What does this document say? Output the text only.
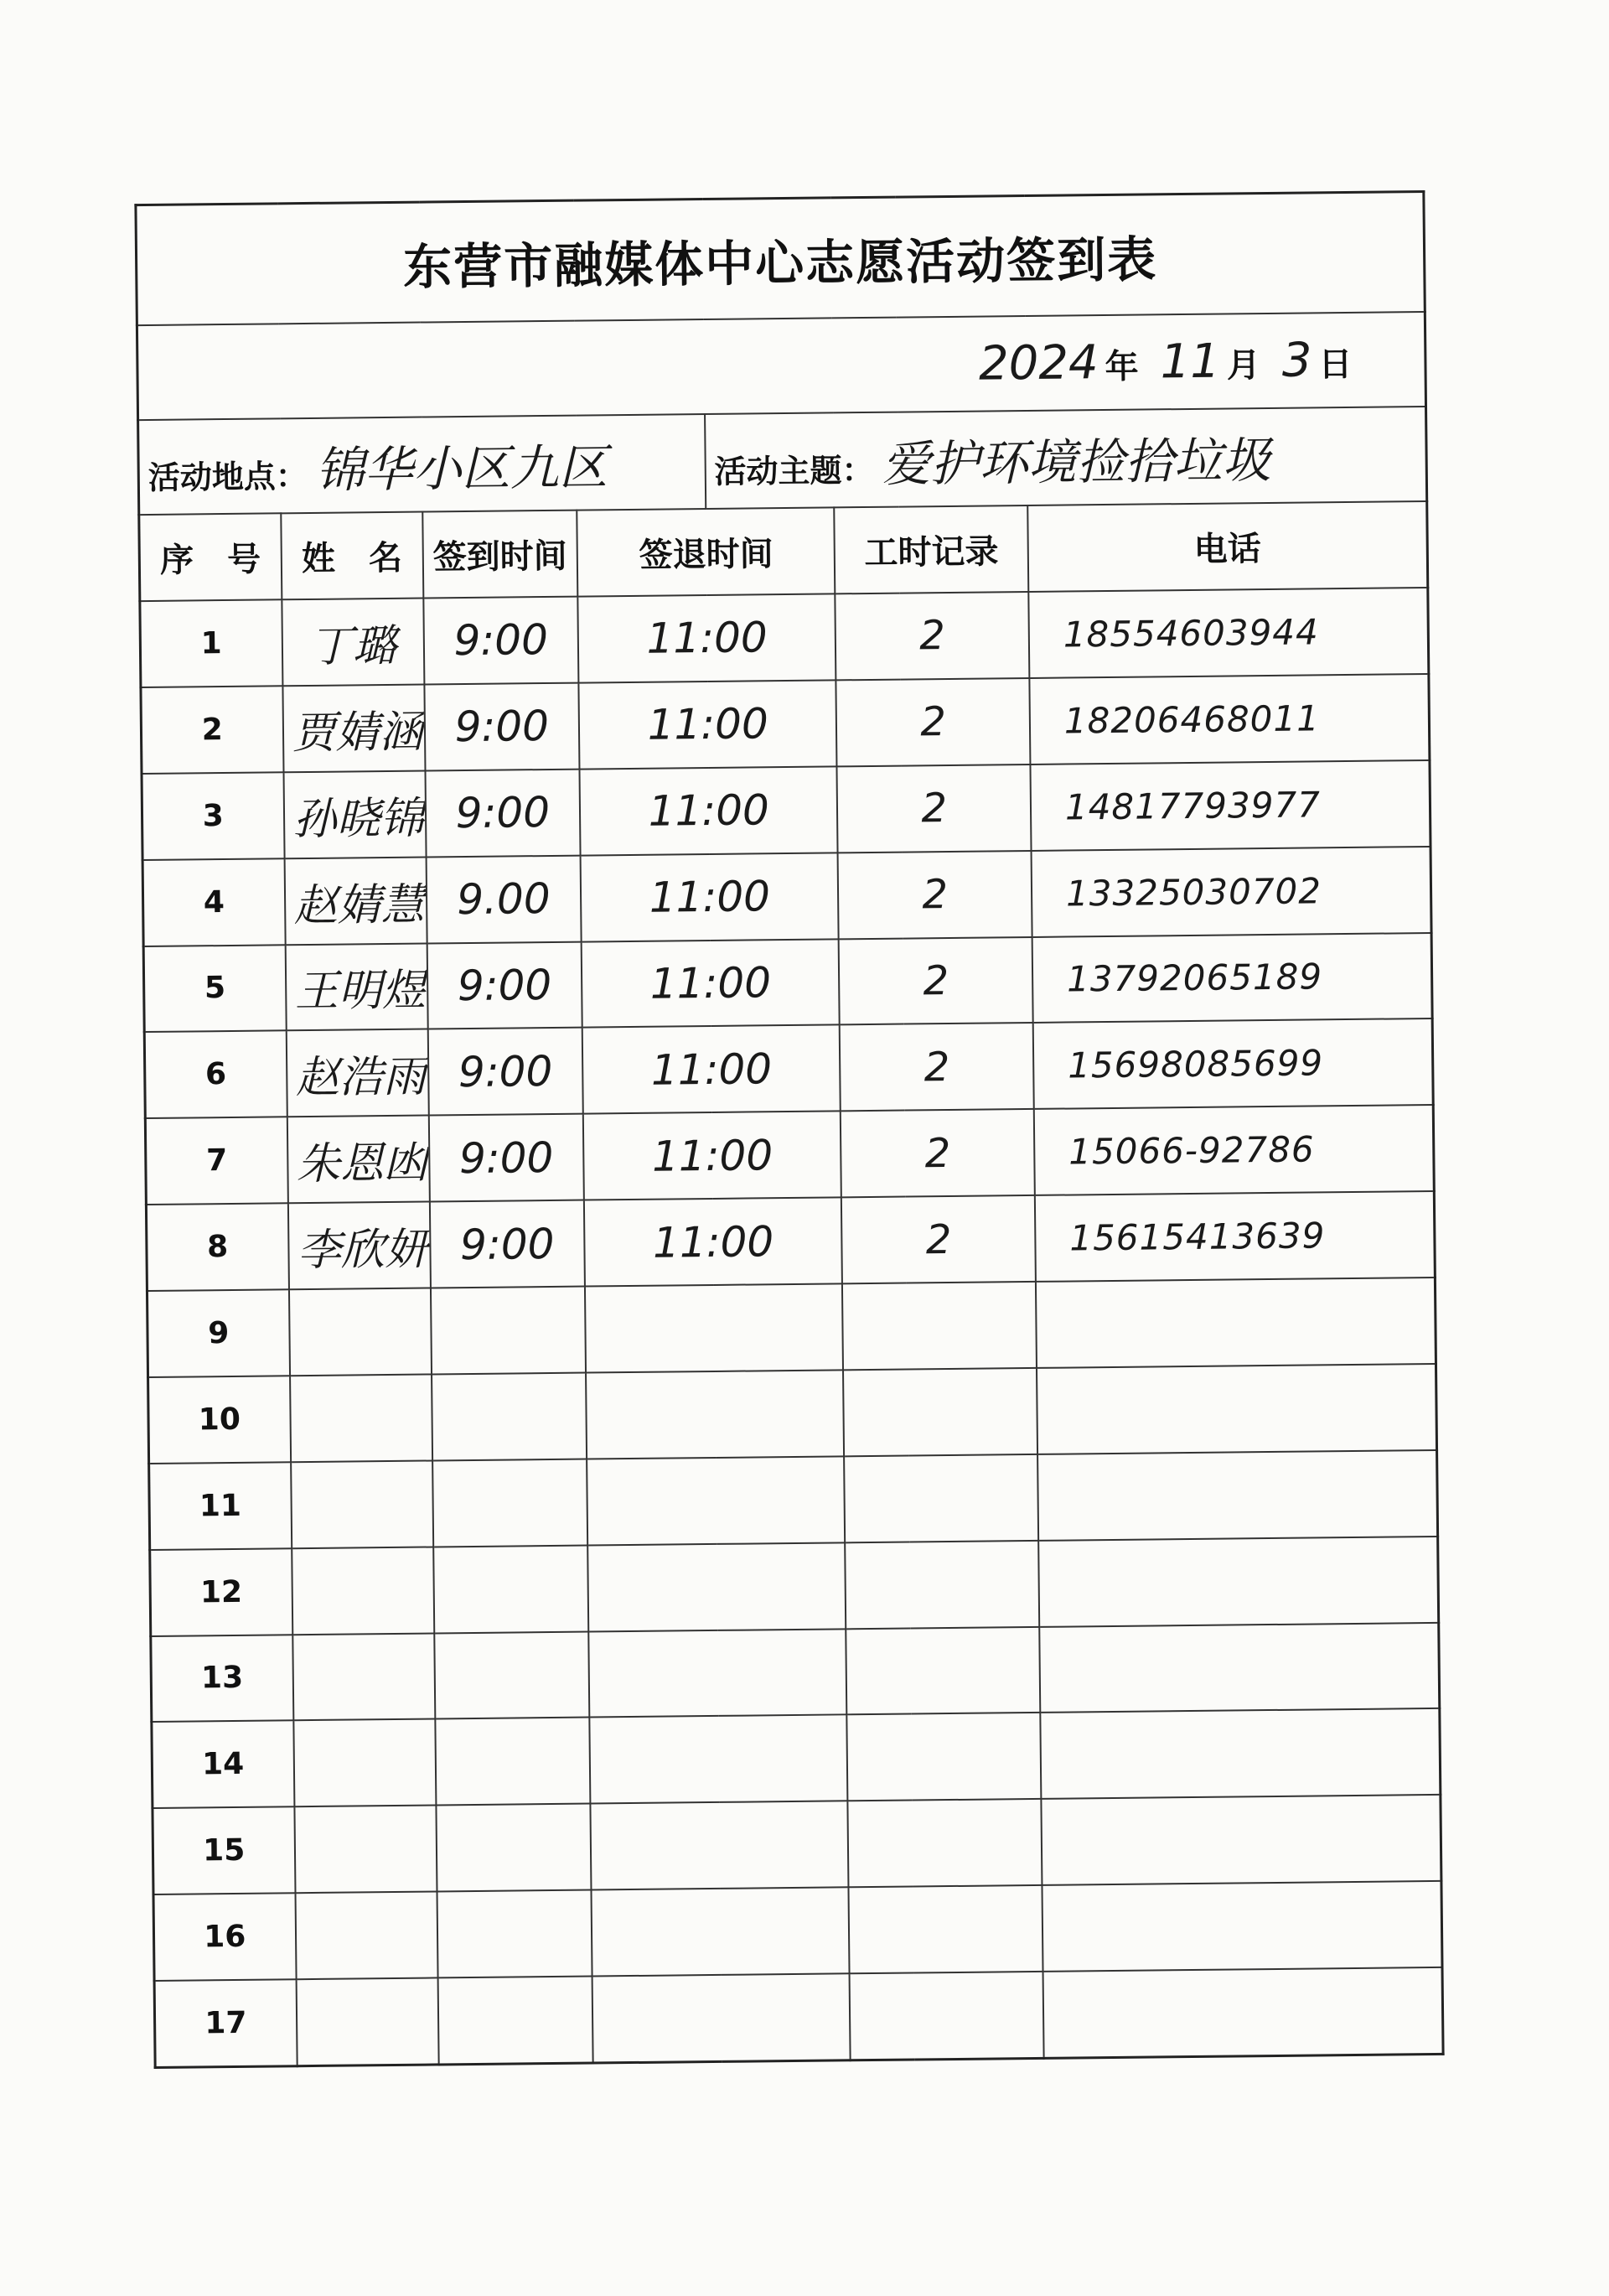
东营市融媒体中心志愿活动签到表						
2024 年 11 月 3 日						
活动地点： 锦华小区九区				活动主题： 爱护环境捡拾垃圾		
序　号	姓　名	签到时间	签退时间		工时记录	电话
1	丁璐	9:00	11:00		2	18554603944
2	贾婧涵	9:00	11:00		2	18206468011
3	孙晓锦	9:00	11:00		2	14817793977
4	赵婧慧	9.00	11:00		2	13325030702
5	王明煜	9:00	11:00		2	13792065189
6	赵浩雨	9:00	11:00		2	15698085699
7	朱恩凼	9:00	11:00		2	15066-92786
8	李欣妍	9:00	11:00		2	15615413639
9						
10						
11						
12						
13						
14						
15						
16						
17						
